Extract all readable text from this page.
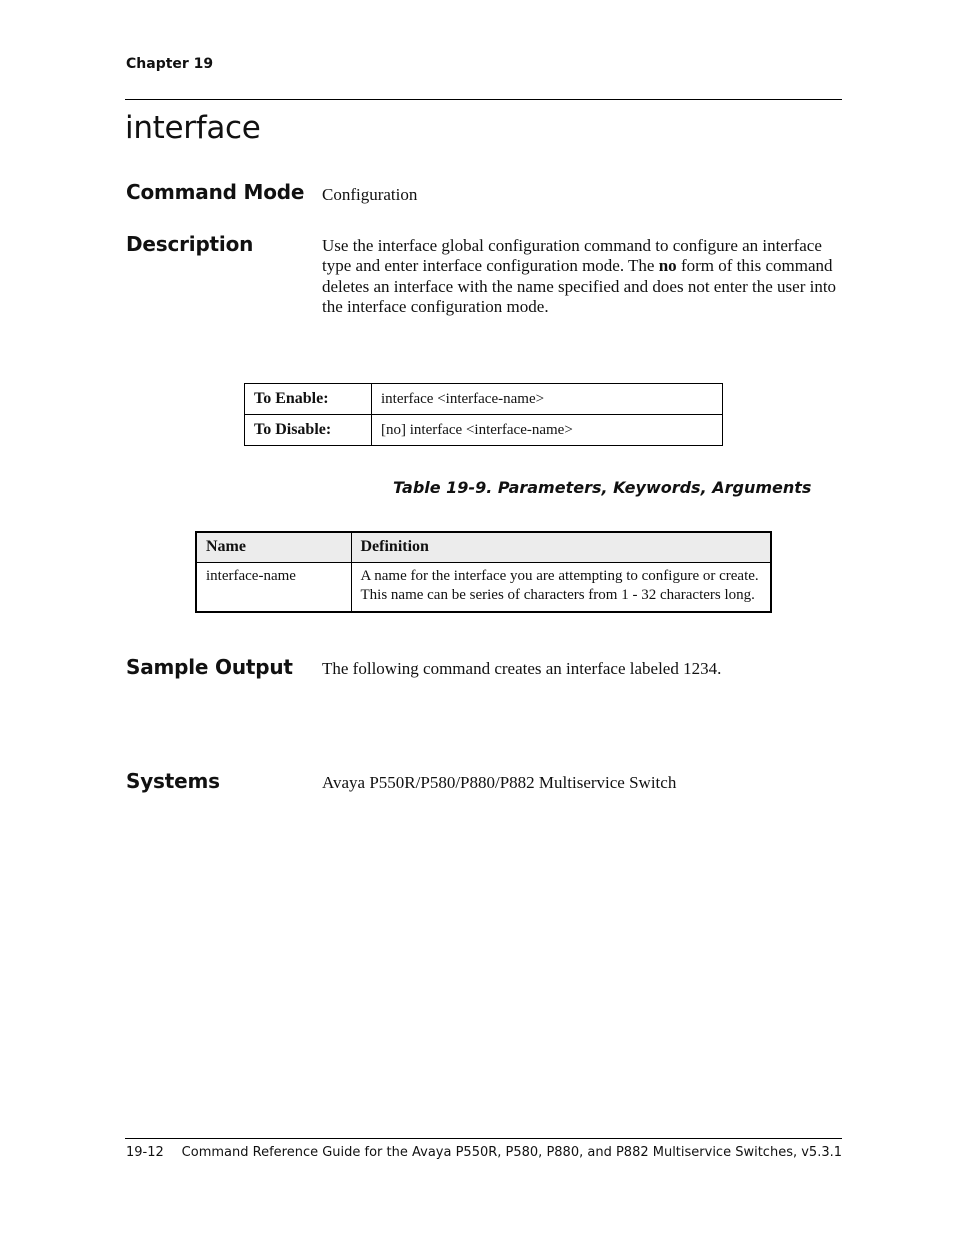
Chapter 19
interface
Command Mode Configuration

Description	Use the interface global configuration command to configure an interface type and enter interface configuration mode. The no form of this command deletes an interface with the name specified and does not enter the user into the interface configuration mode.

To Enable:	interface <interface-name>
To Disable:	[no] interface <interface-name>
Table 19-9. Parameters, Keywords, Arguments
Name	Definition
interface-name	A name for the interface you are attempting to configure or create. This name can be series of characters from 1 - 32 characters long.
Sample Output The following command creates an interface labeled 1234.

Systems	Avaya P550R/P580/P880/P882 Multiservice Switch

19-12 Command Reference Guide for the Avaya P550R, P580, P880, and P882 Multiservice Switches, v5.3.1
